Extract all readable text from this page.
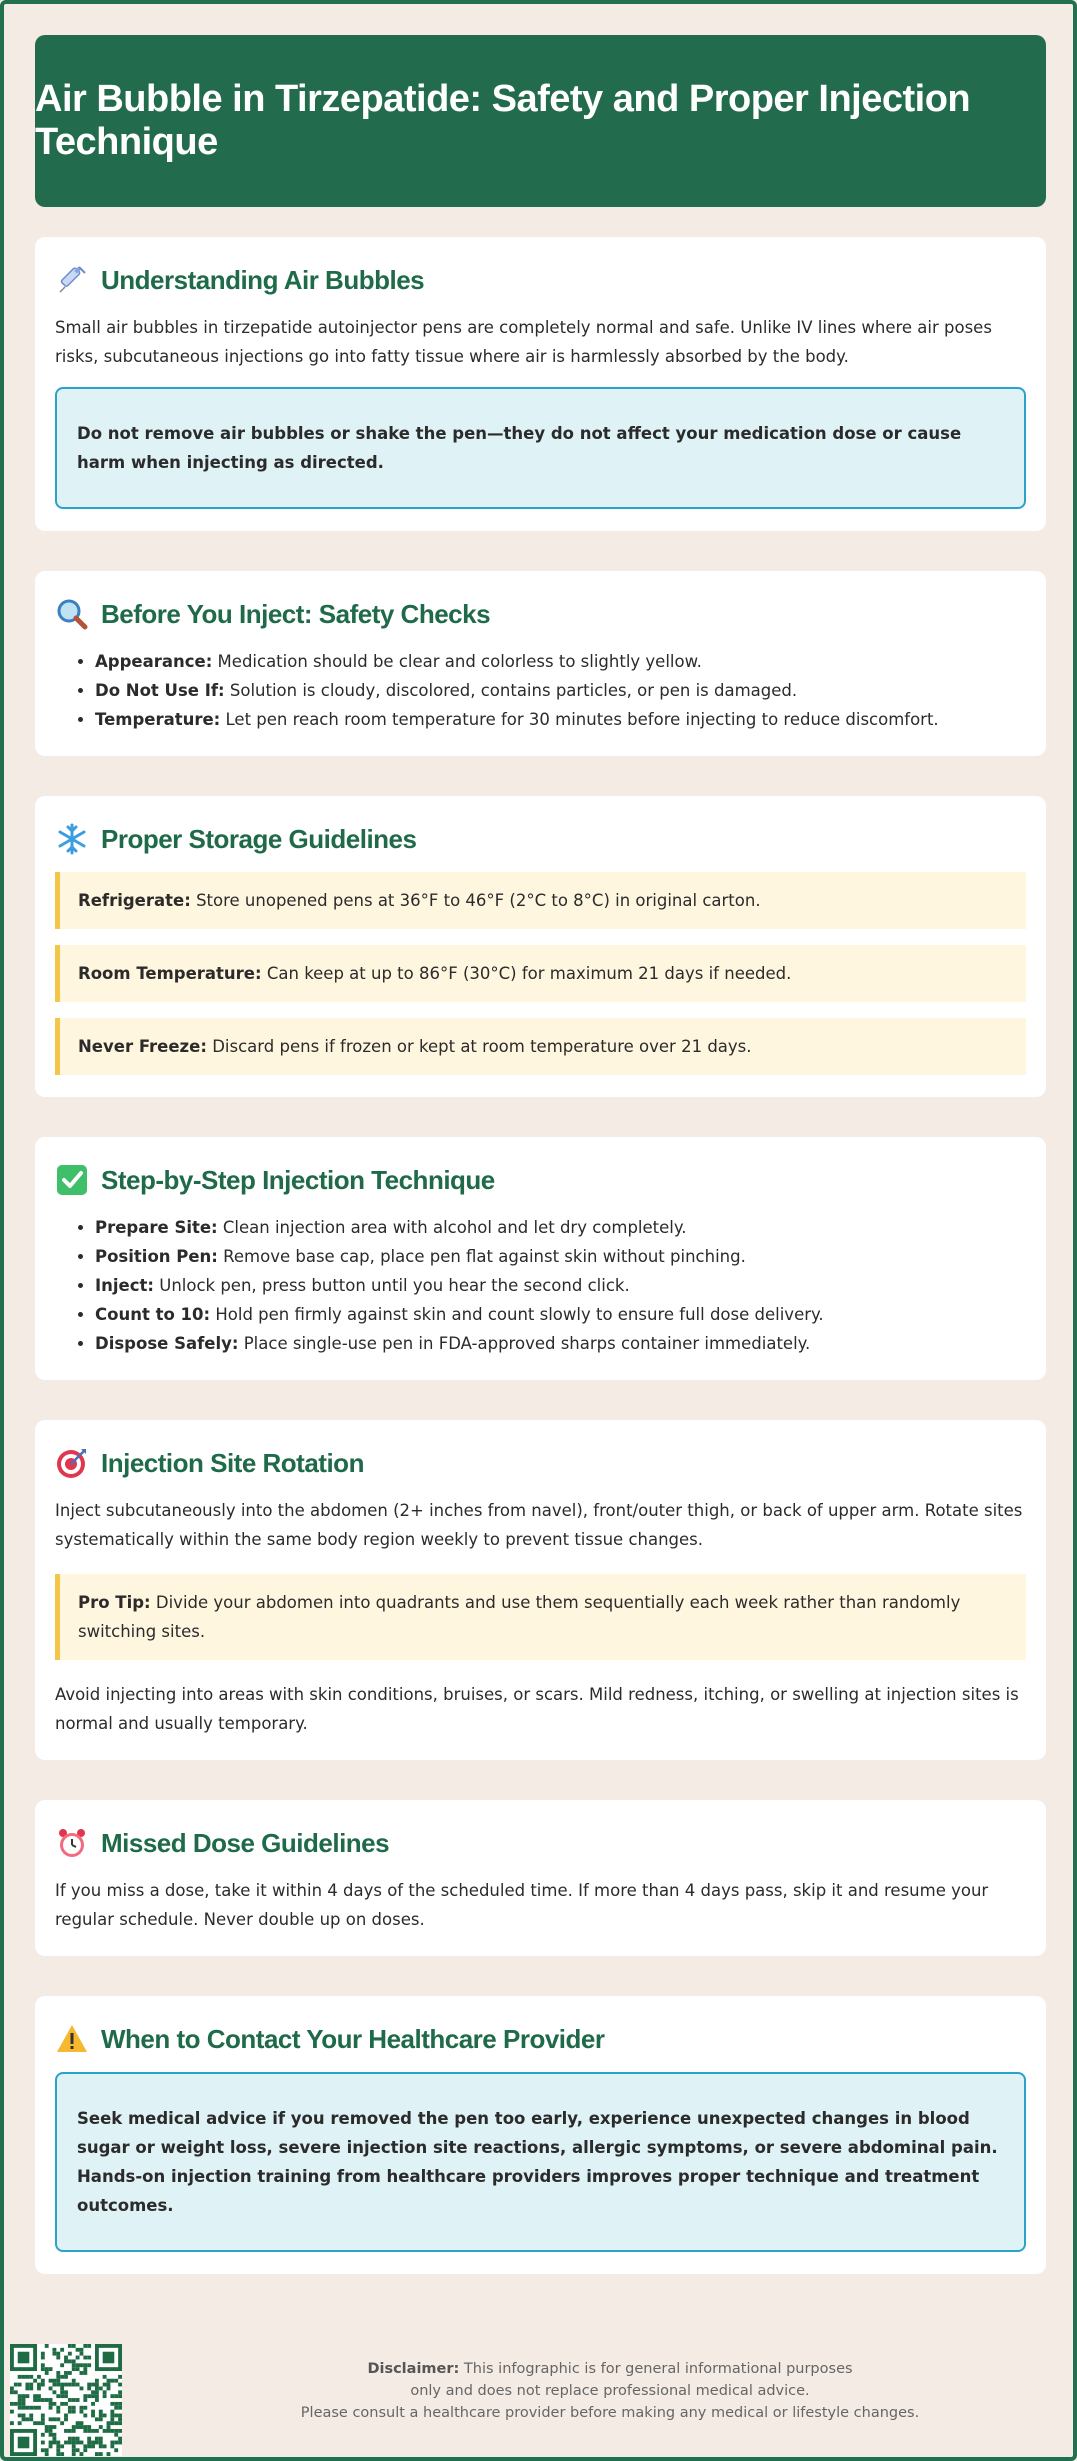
Air Bubble in Tirzepatide: Safety and Proper Injection Technique
Understanding Air Bubbles

Small air bubbles in tirzepatide autoinjector pens are completely normal and safe. Unlike IV lines where air poses risks, subcutaneous injections go into fatty tissue where air is harmlessly absorbed by the body.

Do not remove air bubbles or shake the pen—they do not affect your medication dose or cause harm when injecting as directed.
Before You Inject: Safety Checks
• Appearance: Medication should be clear and colorless to slightly yellow.
• Do Not Use If: Solution is cloudy, discolored, contains particles, or pen is damaged.
• Temperature: Let pen reach room temperature for 30 minutes before injecting to reduce discomfort.
Proper Storage Guidelines
Refrigerate: Store unopened pens at 36°F to 46°F (2°C to 8°C) in original carton.
Room Temperature: Can keep at up to 86°F (30°C) for maximum 21 days if needed.
Never Freeze: Discard pens if frozen or kept at room temperature over 21 days.
Step-by-Step Injection Technique
• Prepare Site: Clean injection area with alcohol and let dry completely.
• Position Pen: Remove base cap, place pen flat against skin without pinching.
• Inject: Unlock pen, press button until you hear the second click.
• Count to 10: Hold pen firmly against skin and count slowly to ensure full dose delivery.
• Dispose Safely: Place single-use pen in FDA-approved sharps container immediately.
Injection Site Rotation

Inject subcutaneously into the abdomen (2+ inches from navel), front/outer thigh, or back of upper arm. Rotate sites systematically within the same body region weekly to prevent tissue changes.

Pro Tip: Divide your abdomen into quadrants and use them sequentially each week rather than randomly switching sites.

Avoid injecting into areas with skin conditions, bruises, or scars. Mild redness, itching, or swelling at injection sites is normal and usually temporary.

Missed Dose Guidelines

If you miss a dose, take it within 4 days of the scheduled time. If more than 4 days pass, skip it and resume your regular schedule. Never double up on doses.

When to Contact Your Healthcare Provider
Seek medical advice if you removed the pen too early, experience unexpected changes in blood sugar or weight loss, severe injection site reactions, allergic symptoms, or severe abdominal pain. Hands-on injection training from healthcare providers improves proper technique and treatment outcomes.
Disclaimer: This infographic is for general informational purposes
only and does not replace professional medical advice.
Please consult a healthcare provider before making any medical or lifestyle changes.
